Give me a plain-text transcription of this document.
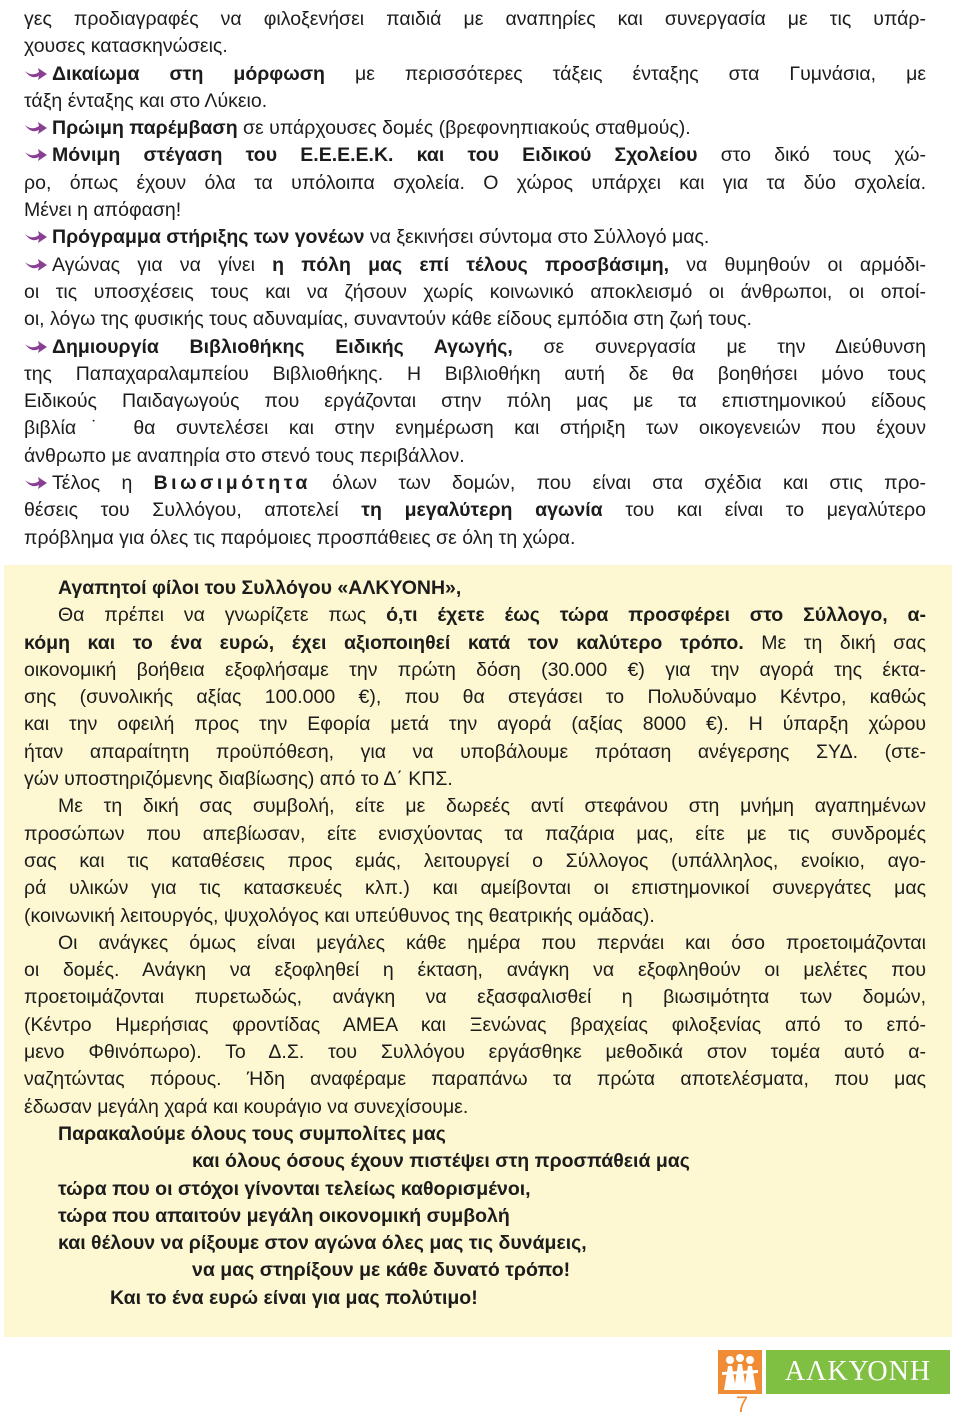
γες προδιαγραφές να φιλοξενήσει παιδιά με αναπηρίες και συνεργασία με τις υπάρ-
χουσες κατασκηνώσεις.
Δικαίωμα στη μόρφωση με περισσότερες τάξεις ένταξης στα Γυμνάσια, με
τάξη ένταξης και στο Λύκειο.
Πρώιμη παρέμβαση σε υπάρχουσες δομές (βρεφονηπιακούς σταθμούς).
Μόνιμη στέγαση του Ε.Ε.Ε.Ε.Κ. και του Ειδικού Σχολείου στο δικό τους χώ-
ρο, όπως έχουν όλα τα υπόλοιπα σχολεία. Ο χώρος υπάρχει και για τα δύο σχολεία.
Μένει η απόφαση!
Πρόγραμμα στήριξης των γονέων να ξεκινήσει σύντομα στο Σύλλογό μας.
Αγώνας για να γίνει η πόλη μας επί τέλους προσβάσιμη, να θυμηθούν οι αρμόδι-
οι τις υποσχέσεις τους και να ζήσουν χωρίς κοινωνικό αποκλεισμό οι άνθρωποι, οι οποί-
οι, λόγω της φυσικής τους αδυναμίας, συναντούν κάθε είδους εμπόδια στη ζωή τους.
Δημιουργία Βιβλιοθήκης Ειδικής Αγωγής, σε συνεργασία με την Διεύθυνση
της Παπαχαραλαμπείου Βιβλιοθήκης. Η Βιβλιοθήκη αυτή δε θα βοηθήσει μόνο τους
Ειδικούς Παιδαγωγούς που εργάζονται στην πόλη μας με τα επιστημονικού είδους
βιβλία˙ θα συντελέσει και στην ενημέρωση και στήριξη των οικογενειών που έχουν
άνθρωπο με αναπηρία στο στενό τους περιβάλλον.
Τέλος η Βιωσιμότητα όλων των δομών, που είναι στα σχέδια και στις προ-
θέσεις του Συλλόγου, αποτελεί τη μεγαλύτερη αγωνία του και είναι το μεγαλύτερο
πρόβλημα για όλες τις παρόμοιες προσπάθειες σε όλη τη χώρα.
Αγαπητοί φίλοι του Συλλόγου «ΑΛΚΥΟΝΗ»,
Θα πρέπει να γνωρίζετε πως ό,τι έχετε έως τώρα προσφέρει στο Σύλλογο, α-
κόμη και το ένα ευρώ, έχει αξιοποιηθεί κατά τον καλύτερο τρόπο. Με τη δική σας
οικονομική βοήθεια εξοφλήσαμε την πρώτη δόση (30.000 €) για την αγορά της έκτα-
σης (συνολικής αξίας 100.000 €), που θα στεγάσει το Πολυδύναμο Κέντρο, καθώς
και την οφειλή προς την Εφορία μετά την αγορά (αξίας 8000 €). Η ύπαρξη χώρου
ήταν απαραίτητη προϋπόθεση, για να υποβάλουμε πρόταση ανέγερσης ΣΥΔ. (στε-
γών υποστηριζόμενης διαβίωσης) από το Δ΄ ΚΠΣ.
Με τη δική σας συμβολή, είτε με δωρεές αντί στεφάνου στη μνήμη αγαπημένων
προσώπων που απεβίωσαν, είτε ενισχύοντας τα παζάρια μας, είτε με τις συνδρομές
σας και τις καταθέσεις προς εμάς, λειτουργεί ο Σύλλογος (υπάλληλος, ενοίκιο, αγο-
ρά υλικών για τις κατασκευές κλπ.) και αμείβονται οι επιστημονικοί συνεργάτες μας
(κοινωνική λειτουργός, ψυχολόγος και υπεύθυνος της θεατρικής ομάδας).
Οι ανάγκες όμως είναι μεγάλες κάθε ημέρα που περνάει και όσο προετοιμάζονται
οι δομές. Ανάγκη να εξοφληθεί η έκταση, ανάγκη να εξοφληθούν οι μελέτες που
προετοιμάζονται πυρετωδώς, ανάγκη να εξασφαλισθεί η βιωσιμότητα των δομών,
(Κέντρο Ημερήσιας φροντίδας ΑΜΕΑ και Ξενώνας βραχείας φιλοξενίας από το επό-
μενο Φθινόπωρο). Το Δ.Σ. του Συλλόγου εργάσθηκε μεθοδικά στον τομέα αυτό α-
ναζητώντας πόρους. Ήδη αναφέραμε παραπάνω τα πρώτα αποτελέσματα, που μας
έδωσαν μεγάλη χαρά και κουράγιο να συνεχίσουμε.
Παρακαλούμε όλους τους συμπολίτες μας
και όλους όσους έχουν πιστέψει στη προσπάθειά μας
τώρα που οι στόχοι γίνονται τελείως καθορισμένοι,
τώρα που απαιτούν μεγάλη οικονομική συμβολή
και θέλουν να ρίξουμε στον αγώνα όλες μας τις δυνάμεις,
να μας στηρίξουν με κάθε δυνατό τρόπο!
Και το ένα ευρώ είναι για μας πολύτιμο!
ΑΛΚΥΟΝΗ
7
